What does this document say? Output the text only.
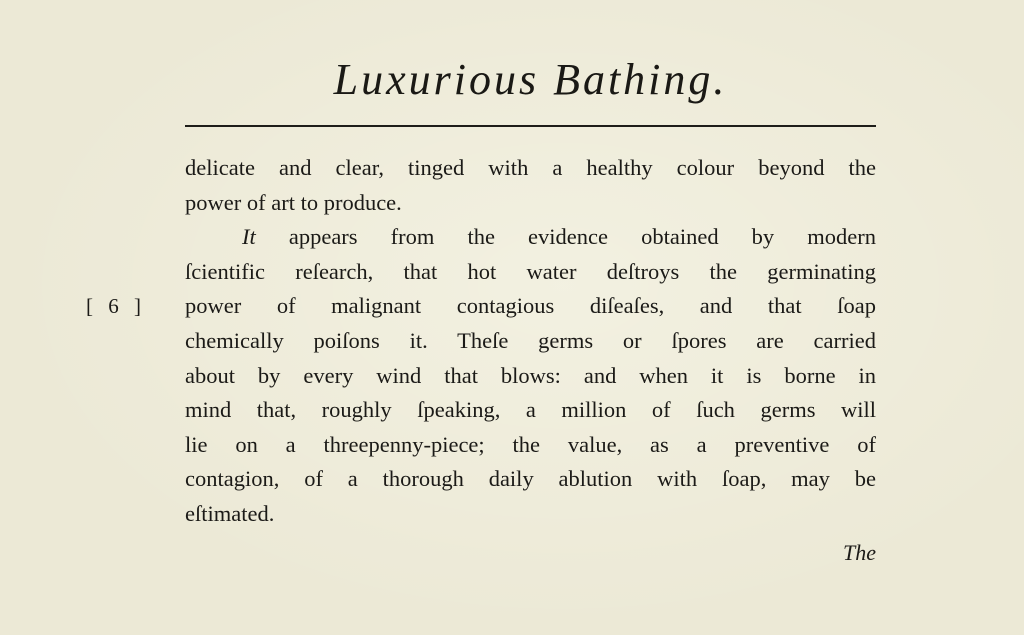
Luxurious Bathing.
[ 6 ]
delicate and clear, tinged with a healthy colour beyond the
power of art to produce.
It appears from the evidence obtained by modern
ſcientific reſearch, that hot water deſtroys the germinating
power of malignant contagious diſeaſes, and that ſoap
chemically poiſons it. Theſe germs or ſpores are carried
about by every wind that blows: and when it is borne in
mind that, roughly ſpeaking, a million of ſuch germs will
lie on a threepenny-piece; the value, as a preventive of
contagion, of a thorough daily ablution with ſoap, may be
eſtimated.
The
